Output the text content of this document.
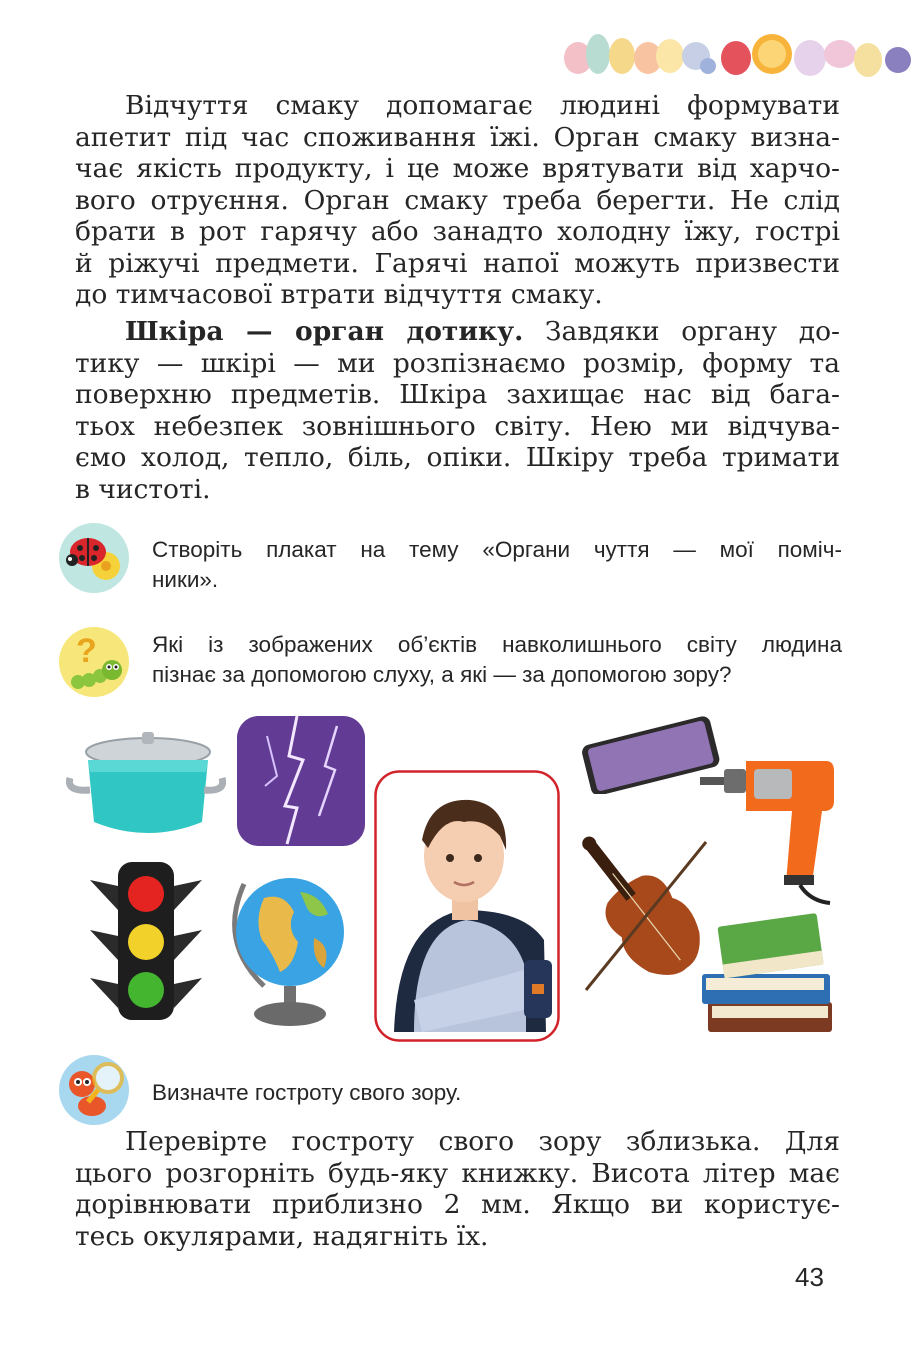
Відчуття смаку допомагає людині формувати
апетит під час споживання їжі. Орган смаку визна-
чає якість продукту, і це може врятувати від харчо-
вого отруєння. Орган смаку треба берегти. Не слід
брати в рот гарячу або занадто холодну їжу, гострі
й ріжучі предмети. Гарячі напої можуть призвести
до тимчасової втрати відчуття смаку.
Шкіра — орган дотику. Завдяки органу до-
тику — шкірі — ми розпізнаємо розмір, форму та
поверхню предметів. Шкіра захищає нас від бага-
тьох небезпек зовнішнього світу. Нею ми відчува-
ємо холод, тепло, біль, опіки. Шкіру треба тримати
в чистоті.
Створіть плакат на тему «Органи чуття — мої поміч-
ники».
? Які із зображених об’єктів навколишнього світу людина
пізнає за допомогою слуху, а які — за допомогою зору?
Визначте гостроту свого зору.
Перевірте гостроту свого зору зблизька. Для
цього розгорніть будь-яку книжку. Висота літер має
дорівнювати приблизно 2 мм. Якщо ви користує-
тесь окулярами, надягніть їх.
43
